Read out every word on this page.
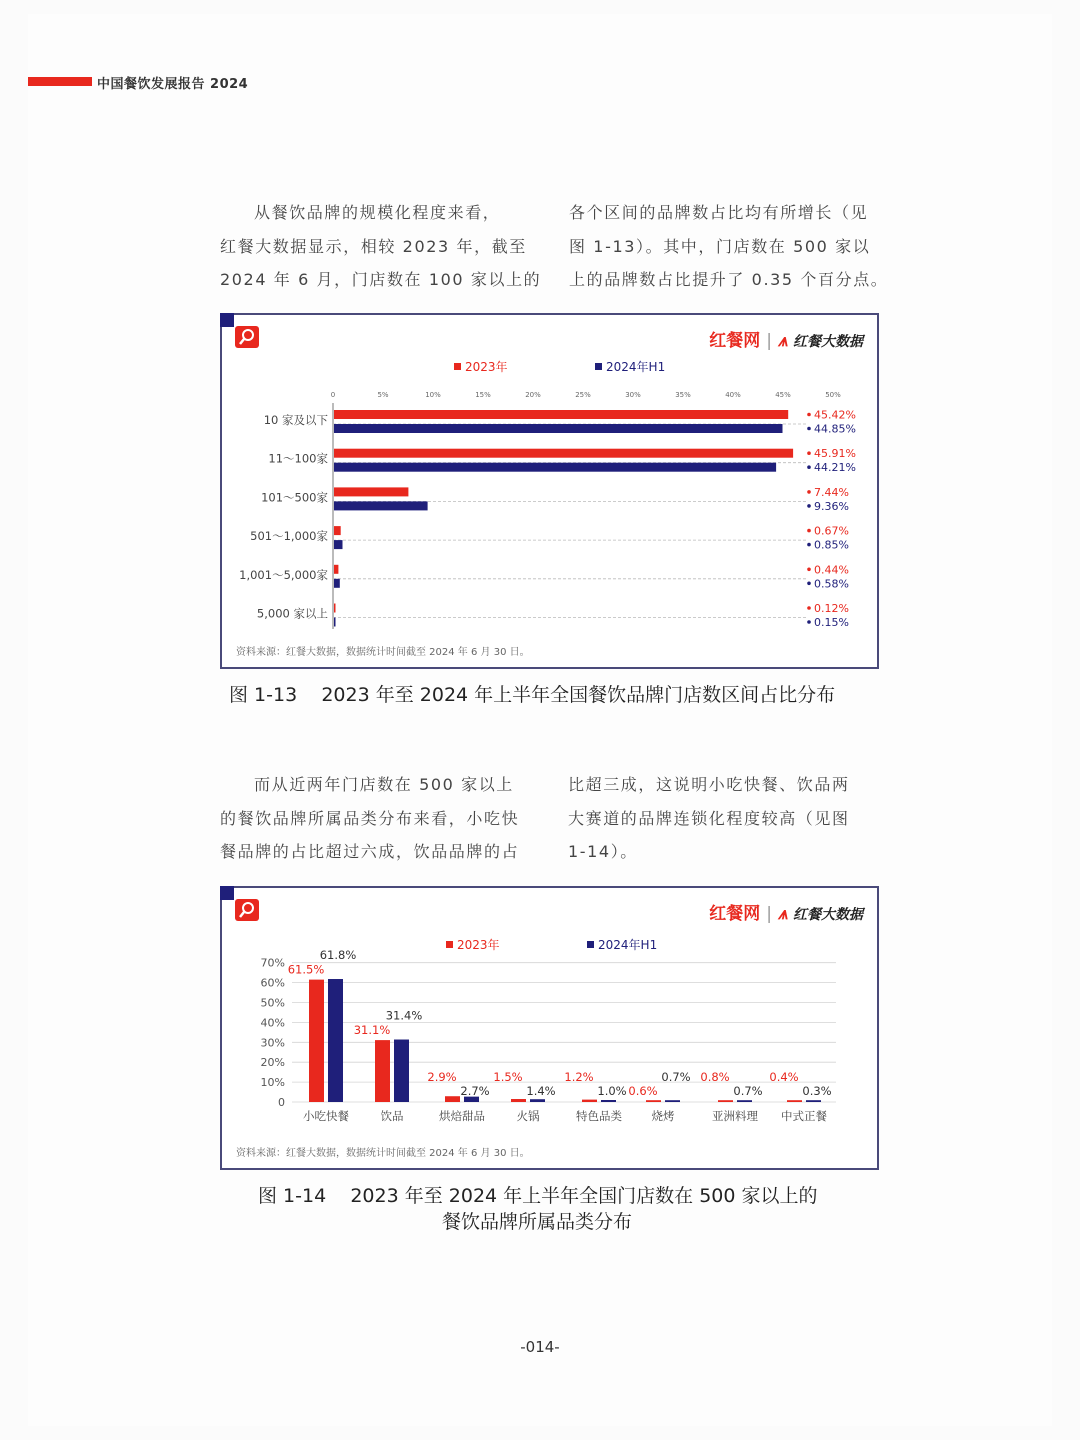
中国餐饮发展报告 2024

从餐饮品牌的规模化程度来看，
红餐大数据显示，相较 2023 年，截至
2024 年 6 月，门店数在 100 家以上的

各个区间的品牌数占比均有所增长（见
图 1-13）。其中，门店数在 500 家以
上的品牌数占比提升了 0.35 个百分点。

红餐网 | ⩚ 红餐大数据
2023年	2024年H1
0	5%	10%	15%	20%	25%	30%	35%	40%	45%	50%
10 家及以下	45.42%
44.85%
11～100家	45.91%
44.21%
101～500家	7.44%
9.36%
501～1,000家	0.67%
0.85%
1,001～5,000家	0.44%
0.58%
5,000 家以上	0.12%
0.15%
资料来源：红餐大数据，数据统计时间截至 2024 年 6 月 30 日。
图 1-13 2023 年至 2024 年上半年全国餐饮品牌门店数区间占比分布

而从近两年门店数在 500 家以上
的餐饮品牌所属品类分布来看，小吃快
餐品牌的占比超过六成，饮品品牌的占

比超三成，这说明小吃快餐、饮品两
大赛道的品牌连锁化程度较高（见图
1-14）。

红餐网 | ⩚ 红餐大数据
2023年	2024年H1
0
10%
20%
30%
40%
50%
60%
70%
小吃快餐
61.5%
61.8%
饮品
31.1%
31.4%
烘焙甜品
2.9%
2.7%
火锅
1.5%
1.4%
特色品类
1.2%
1.0%
烧烤
0.6%
0.7%
亚洲料理
0.8%
0.7%
中式正餐
0.4%
0.3%
资料来源：红餐大数据，数据统计时间截至 2024 年 6 月 30 日。
图 1-14 2023 年至 2024 年上半年全国门店数在 500 家以上的
餐饮品牌所属品类分布
-014-
